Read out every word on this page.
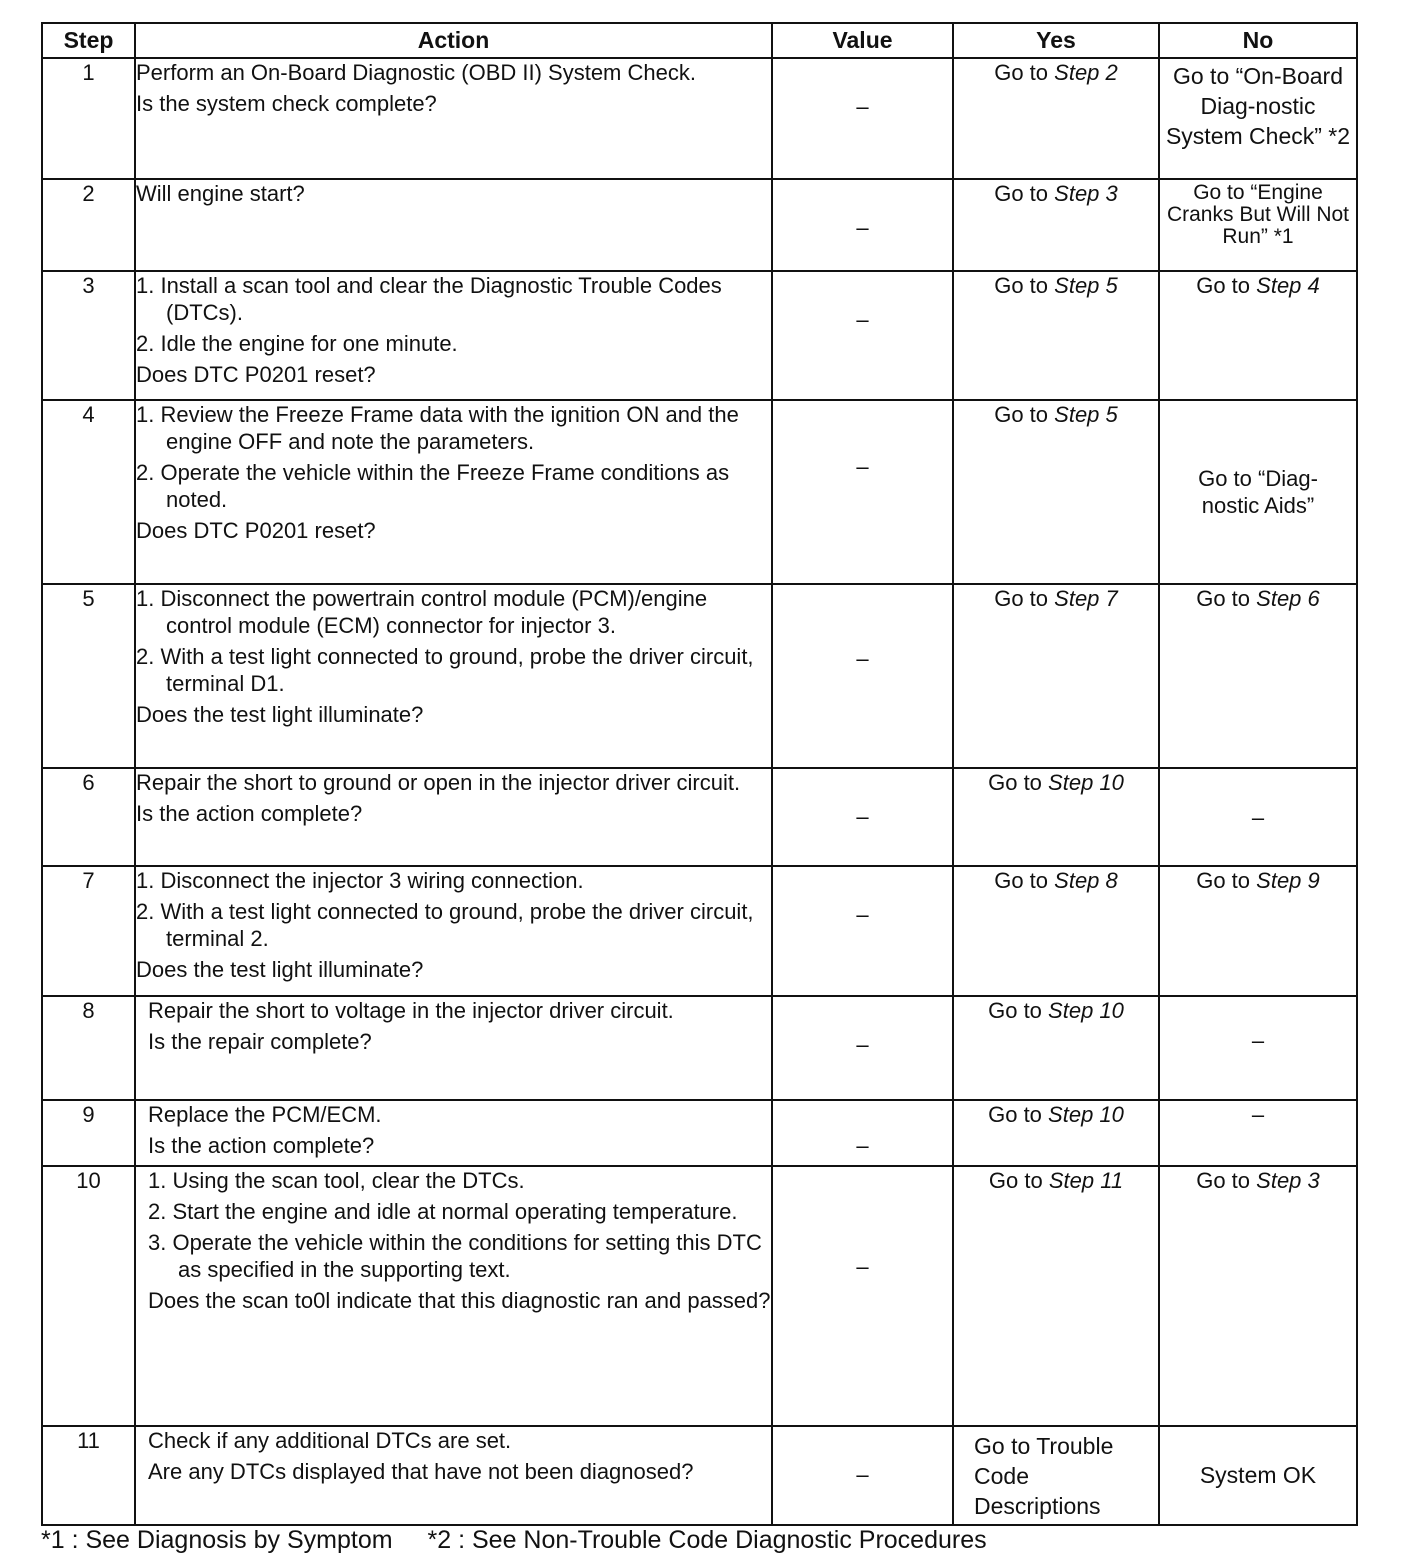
Step	Action	Value	Yes	No
1	Perform an On-Board Diagnostic (OBD II) System Check.
Is the system check complete?	–	Go to Step 2	Go to “On-Board Diag-nostic System Check” *2
2	Will engine start?	–	Go to Step 3	Go to “Engine Cranks But Will Not Run” *1
3	1. Install a scan tool and clear the Diagnostic Trouble Codes (DTCs).
2. Idle the engine for one minute.
Does DTC P0201 reset?	–	Go to Step 5	Go to Step 4
4	1. Review the Freeze Frame data with the ignition ON and the engine OFF and note the parameters.
2. Operate the vehicle within the Freeze Frame conditions as noted.
Does DTC P0201 reset?	–	Go to Step 5	Go to “Diag-nostic Aids”
5	1. Disconnect the powertrain control module (PCM)/engine control module (ECM) connector for injector 3.
2. With a test light connected to ground, probe the driver circuit, terminal D1.
Does the test light illuminate?	–	Go to Step 7	Go to Step 6
6	Repair the short to ground or open in the injector driver circuit.
Is the action complete?	–	Go to Step 10	–
7	1. Disconnect the injector 3 wiring connection.
2. With a test light connected to ground, probe the driver circuit, terminal 2.
Does the test light illuminate?	–	Go to Step 8	Go to Step 9
8	Repair the short to voltage in the injector driver circuit.
Is the repair complete?	–	Go to Step 10	–
9	Replace the PCM/ECM.
Is the action complete?	–	Go to Step 10	–
10	1. Using the scan tool, clear the DTCs.
2. Start the engine and idle at normal operating temperature.
3. Operate the vehicle within the conditions for setting this DTC as specified in the supporting text.
Does the scan to0l indicate that this diagnostic ran and passed?	–	Go to Step 11	Go to Step 3
11	Check if any additional DTCs are set.
Are any DTCs displayed that have not been diagnosed?	–	Go to Trouble Code Descriptions	System OK
*1 : See Diagnosis by Symptom *2 : See Non-Trouble Code Diagnostic Procedures
